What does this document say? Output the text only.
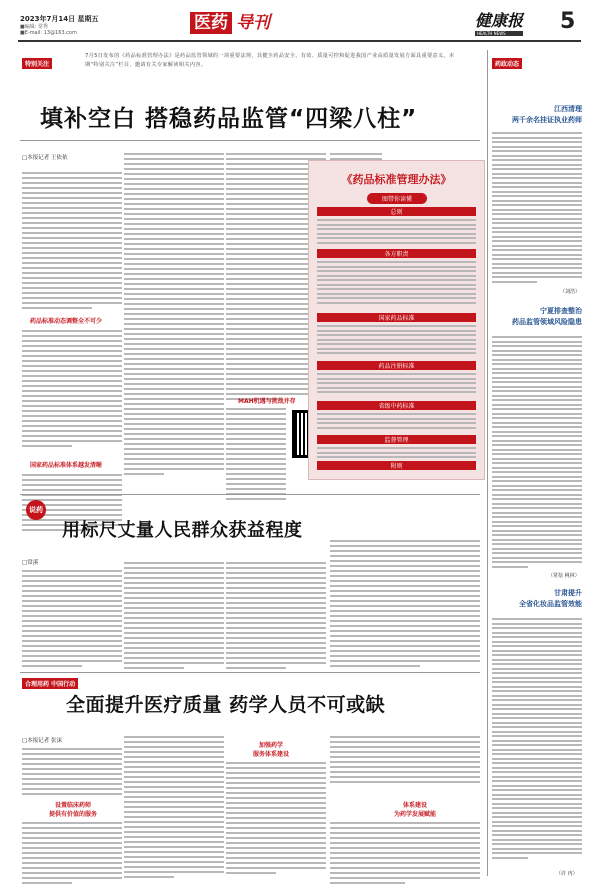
2023年7月14日 星期五
■编辑: 常秀
■E-mail: 13@163.com	医药 导刊	健康报
HEALTH NEWS	5
特别关注
7月5日发布的《药品标准管理办法》是药品监管领域的一项重要法规，其健全药品安全、有效、质量可控和促进我国产业高质量发展方面具重要意义。本期“特别关注”栏目，邀请有关专家解读相关内容。
填补空白 搭稳药品监管“四梁八柱”
□本报记者 王依依
药品标准动态调整全不可少
国家药品标准体系越发清晰
MAH机遇与挑战并存
《药品标准管理办法》
图带你读懂
总则
各方职责
国家药品标准
药品注册标准
省级中药标准
监督管理
附则
说药
用标尺丈量人民群众获益程度
□常溪
合理用药 中国行动
全面提升医疗质量 药学人员不可或缺
□本报记者 张沫
设置临床药师
提供有价值的服务
加强药学
服务体系建设
体系建设
为药学发展赋能
药政动态
江西清理
两千余名挂证执业药师
（刘浩）
宁夏排查整治
药品监管领域风险隐患
（常蓓 桃林）
甘肃提升
全省化妆品监管效能
（许 冉）
